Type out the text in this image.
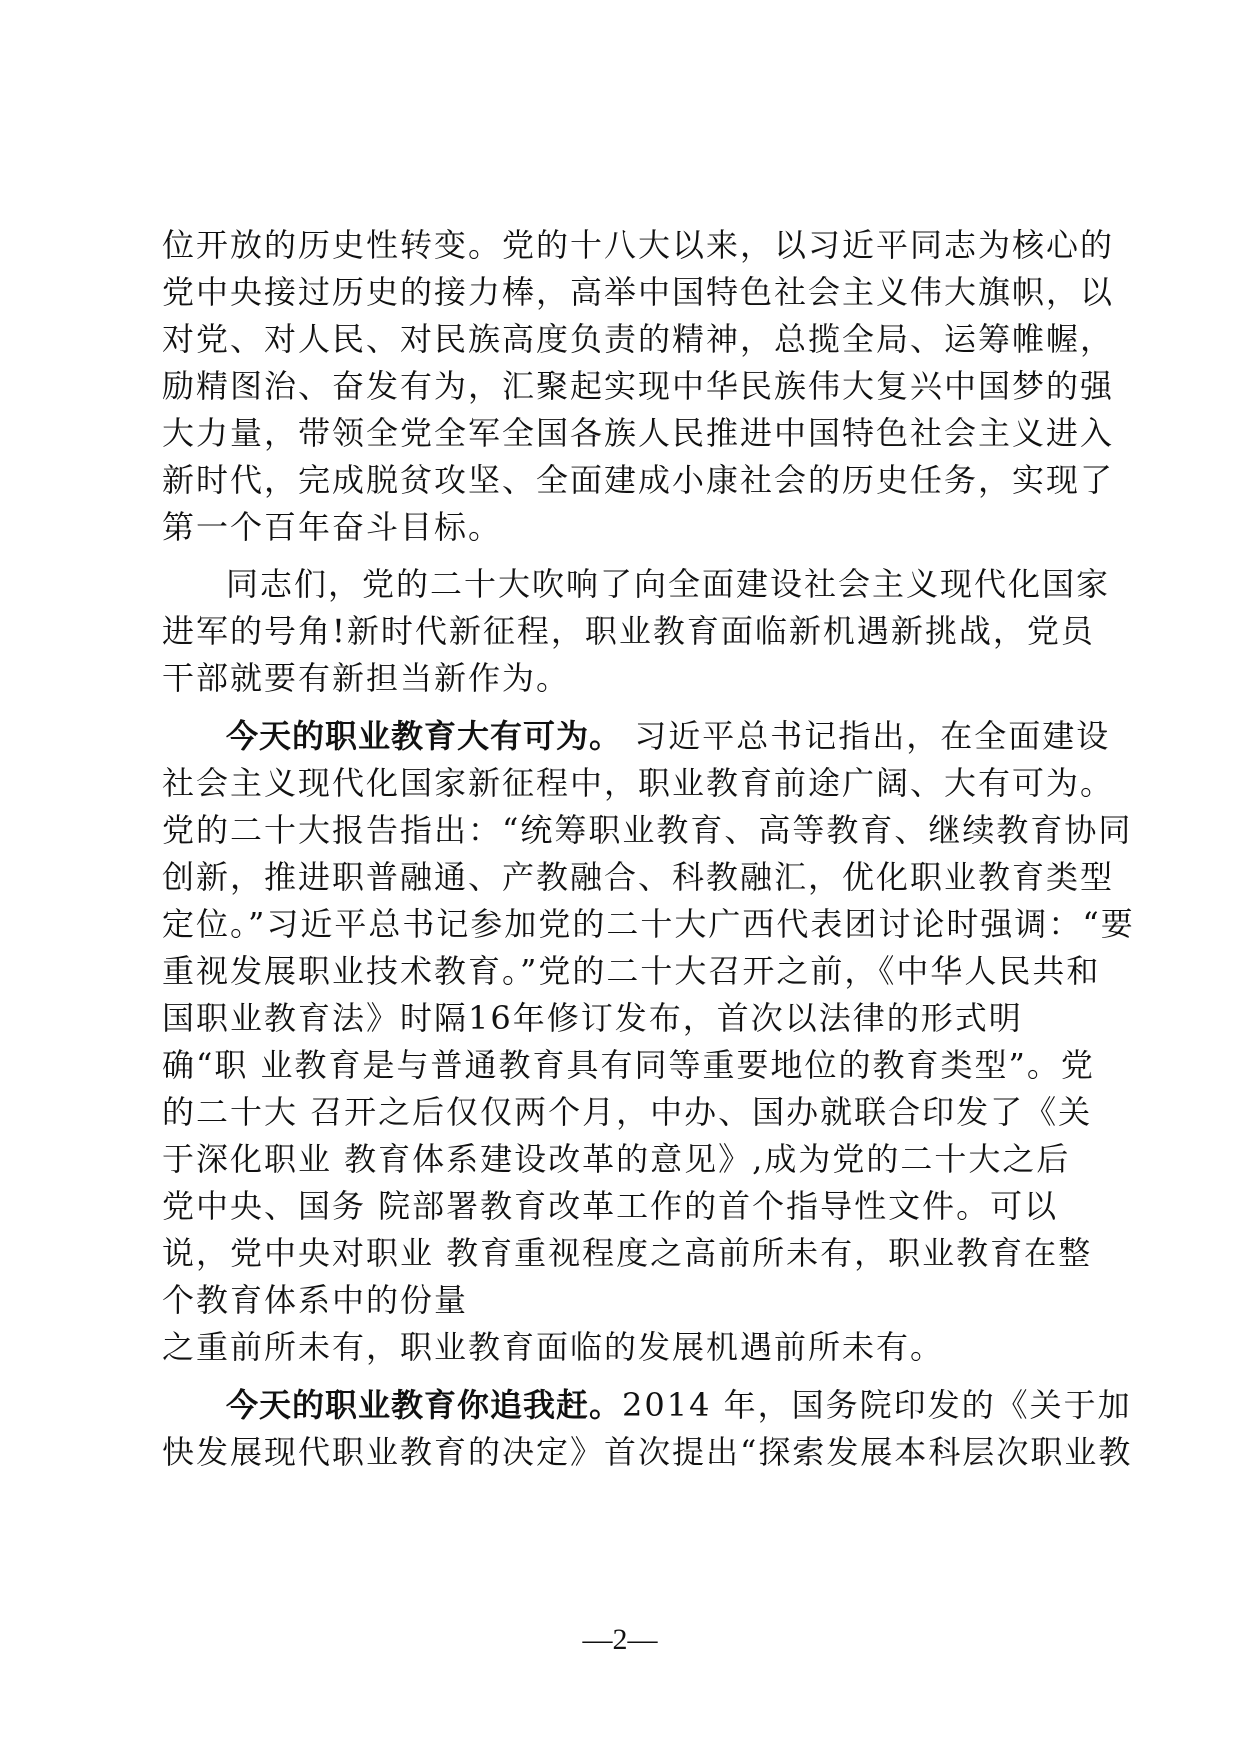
位开放的历史性转变。党的十八大以来，以习近平同志为核心的
党中央接过历史的接力棒，高举中国特色社会主义伟大旗帜，以
对党、对人民、对民族高度负责的精神，总揽全局、运筹帷幄，
励精图治、奋发有为，汇聚起实现中华民族伟大复兴中国梦的强
大力量，带领全党全军全国各族人民推进中国特色社会主义进入
新时代，完成脱贫攻坚、全面建成小康社会的历史任务，实现了
第一个百年奋斗目标。
同志们，党的二十大吹响了向全面建设社会主义现代化国家
进军的号角!新时代新征程，职业教育面临新机遇新挑战，党员
干部就要有新担当新作为。
今天的职业教育大有可为。 习近平总书记指出，在全面建设
社会主义现代化国家新征程中，职业教育前途广阔、大有可为。
党的二十大报告指出：“统筹职业教育、高等教育、继续教育协同
创新，推进职普融通、产教融合、科教融汇，优化职业教育类型
定位。”习近平总书记参加党的二十大广西代表团讨论时强调：“要
重视发展职业技术教育。”党的二十大召开之前，《中华人民共和
国职业教育法》时隔16年修订发布，首次以法律的形式明
确“职 业教育是与普通教育具有同等重要地位的教育类型”。党
的二十大 召开之后仅仅两个月，中办、国办就联合印发了《关
于深化职业 教育体系建设改革的意见》,成为党的二十大之后
党中央、国务 院部署教育改革工作的首个指导性文件。可以
说，党中央对职业 教育重视程度之高前所未有，职业教育在整
个教育体系中的份量
之重前所未有，职业教育面临的发展机遇前所未有。
今天的职业教育你追我赶。2014 年，国务院印发的《关于加
快发展现代职业教育的决定》首次提出“探索发展本科层次职业教
—2—
